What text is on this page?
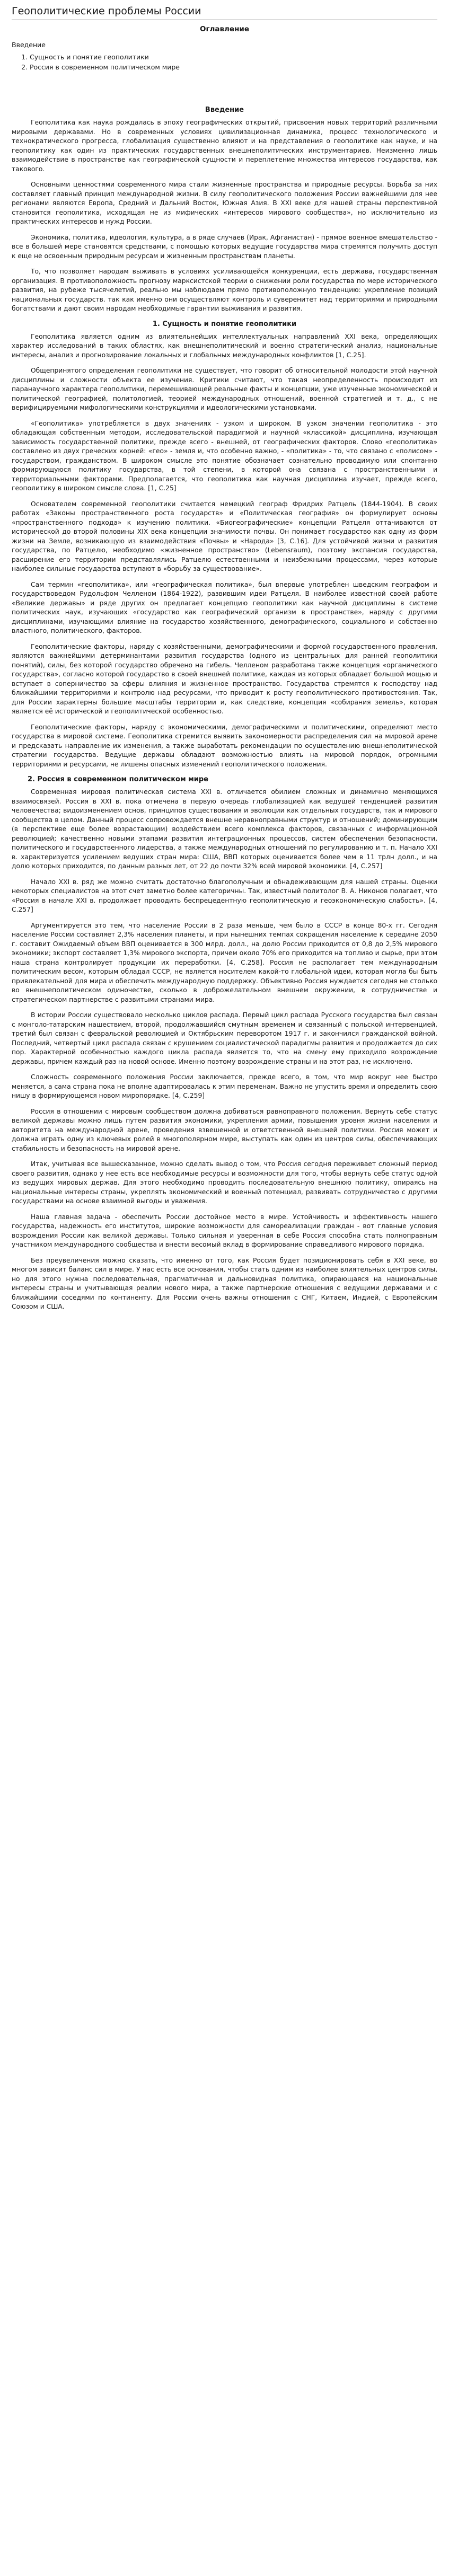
Геополитические проблемы России
Оглавление
Введение
1. Сущность и понятие геополитики
2. Россия в современном политическом мире
Введение

Геополитика как наука рождалась в эпоху географических открытий, присвоения новых территорий различными мировыми державами. Но в современных условиях цивилизационная динамика, процесс технологического и технократического прогресса, глобализация существенно влияют и на представления о геополитике как науке, и на геополитику как один из практических государственных внешнеполитических инструментариев. Неизменно лишь взаимодействие в пространстве как географической сущности и переплетение множества интересов государства, как такового.

Основными ценностями современного мира стали жизненные пространства и природные ресурсы. Борьба за них составляет главный принцип международной жизни. В силу геополитического положения России важнейшими для нее регионами являются Европа, Средний и Дальний Восток, Южная Азия. В XXI веке для нашей страны перспективной становится геополитика, исходящая не из мифических «интересов мирового сообщества», но исключительно из практических интересов и нужд России.

Экономика, политика, идеология, культура, а в ряде случаев (Ирак, Афганистан) - прямое военное вмешательство - все в большей мере становятся средствами, с помощью которых ведущие государства мира стремятся получить доступ к еще не освоенным природным ресурсам и жизненным пространствам планеты.

То, что позволяет народам выживать в условиях усиливающейся конкуренции, есть держава, государственная организация. В противоположность прогнозу марксистской теории о снижении роли государства по мере исторического развития, на рубеже тысячелетий, реально мы наблюдаем прямо противоположную тенденцию: укрепление позиций национальных государств. так как именно они осуществляют контроль и суверенитет над территориями и природными богатствами и дают своим народам необходимые гарантии выживания и развития.

1. Сущность и понятие геополитики

Геополитика является одним из влиятельнейших интеллектуальных направлений XXI века, определяющих характер исследований в таких областях, как внешнеполитический и военно стратегический анализ, национальные интересы, анализ и прогнозирование локальных и глобальных международных конфликтов [1, С.25].

Общепринятого определения геополитики не существует, что говорит об относительной молодости этой научной дисциплины и сложности объекта ее изучения. Критики считают, что такая неопределенность происходит из паранаучного характера геополитики, перемешивающей реальные факты и концепции, уже изученные экономической и политической географией, политологией, теорией международных отношений, военной стратегией и т. д., с не верифицируемыми мифологическими конструкциями и идеологическими установками.

«Геополитика» употребляется в двух значениях - узком и широком. В узком значении геополитика - это обладающая собственным методом, исследовательской парадигмой и научной «классикой» дисциплина, изучающая зависимость государственной политики, прежде всего - внешней, от географических факторов. Слово «геополитика» составлено из двух греческих корней: «гео» - земля и, что особенно важно, - «политика» - то, что связано с «полисом» - государством, гражданством. В широком смысле это понятие обозначает сознательно проводимую или спонтанно формирующуюся политику государства, в той степени, в которой она связана с пространственными и территориальными факторами. Предполагается, что геополитика как научная дисциплина изучает, прежде всего, геополитику в широком смысле слова. [1, С.25]

Основателем современной геополитики считается немецкий географ Фридрих Ратцель (1844-1904). В своих работах «Законы пространственного роста государств» и «Политическая география» он формулирует основы «пространственного подхода» к изучению политики. «Биогеографические» концепции Ратцеля оттачиваются от исторической до второй половины XIX века концепции значимости почвы. Он понимает государство как одну из форм жизни на Земле, возникающую из взаимодействия «Почвы» и «Народа» [3, С.16]. Для устойчивой жизни и развития государства, по Ратцелю, необходимо «жизненное пространство» (Lebensraum), поэтому экспансия государства, расширение его территории представлялись Ратцелю естественными и неизбежными процессами, через которые наиболее сильные государства вступают в «борьбу за существование».

Сам термин «геополитика», или «географическая политика», был впервые употреблен шведским географом и государствоведом Рудольфом Челленом (1864-1922), развившим идеи Ратцеля. В наиболее известной своей работе «Великие державы» и ряде других он предлагает концепцию геополитики как научной дисциплины в системе политических наук, изучающих «государство как географический организм в пространстве», наряду с другими дисциплинами, изучающими влияние на государство хозяйственного, демографического, социального и собственно властного, политического, факторов.

Геополитические факторы, наряду с хозяйственными, демографическими и формой государственного правления, являются важнейшими детерминантами развития государства (одного из центральных для ранней геополитики понятий), силы, без которой государство обречено на гибель. Челленом разработана также концепция «органического государства», согласно которой государство в своей внешней политике, каждая из которых обладает большой мощью и вступает в соперничество за сферы влияния и жизненное пространство. Государства стремятся к господству над ближайшими территориями и контролю над ресурсами, что приводит к росту геополитического противостояния. Так, для России характерны большие масштабы территории и, как следствие, концепция «собирания земель», которая является её исторической и геополитической особенностью.

Геополитические факторы, наряду с экономическими, демографическими и политическими, определяют место государства в мировой системе. Геополитика стремится выявить закономерности распределения сил на мировой арене и предсказать направление их изменения, а также выработать рекомендации по осуществлению внешнеполитической стратегии государства. Ведущие державы обладают возможностью влиять на мировой порядок, огромными территориями и ресурсами, не лишены опасных изменений геополитического положения.

2. Россия в современном политическом мире

Современная мировая политическая система XXI в. отличается обилием сложных и динамично меняющихся взаимосвязей. Россия в XXI в. пока отмечена в первую очередь глобализацией как ведущей тенденцией развития человечества; видоизменением основ, принципов существования и эволюции как отдельных государств, так и мирового сообщества в целом. Данный процесс сопровождается внешне неравноправными структур и отношений; доминирующим (в перспективе еще более возрастающим) воздействием всего комплекса факторов, связанных с информационной революцией; качественно новыми этапами развития интеграционных процессов, систем обеспечения безопасности, политического и государственного лидерства, а также международных отношений по регулированию и т. п. Начало XXI в. характеризуется усилением ведущих стран мира: США, ВВП которых оценивается более чем в 11 трлн долл., и на долю которых приходится, по данным разных лет, от 22 до почти 32% всей мировой экономики. [4, С.257]

Начало XXI в. ряд же можно считать достаточно благополучным и обнадеживающим для нашей страны. Оценки некоторых специалистов на этот счет заметно более категоричны. Так, известный политолог В. А. Никонов полагает, что «Россия в начале XXI в. продолжает проводить беспрецедентную геополитическую и геоэкономическую слабость». [4, С.257]

Аргументируется это тем, что население России в 2 раза меньше, чем было в СССР в конце 80-х гг. Сегодня население России составляет 2,3% населения планеты, и при нынешних темпах сокращения население к середине 2050 г. составит Ожидаемый объем ВВП оценивается в 300 млрд. долл., на долю России приходится от 0,8 до 2,5% мирового экономики; экспорт составляет 1,3% мирового экспорта, причем около 70% его приходится на топливо и сырье, при этом наша страна контролирует продукции их переработки. [4, С.258]. Россия не располагает тем международным политическим весом, которым обладал СССР, не является носителем какой-то глобальной идеи, которая могла бы быть привлекательной для мира и обеспечить международную поддержку. Объективно Россия нуждается сегодня не столько во внешнеполитическом одиночестве, сколько в доброжелательном внешнем окружении, в сотрудничестве и стратегическом партнерстве с развитыми странами мира.

В истории России существовало несколько циклов распада. Первый цикл распада Русского государства был связан с монголо-татарским нашествием, второй, продолжавшийся смутным временем и связанный с польской интервенцией, третий был связан с февральской революцией и Октябрьским переворотом 1917 г. и закончился гражданской войной. Последний, четвертый цикл распада связан с крушением социалистической парадигмы развития и продолжается до сих пор. Характерной особенностью каждого цикла распада является то, что на смену ему приходило возрождение державы, причем каждый раз на новой основе. Именно поэтому возрождение страны и на этот раз, не исключено.

Сложность современного положения России заключается, прежде всего, в том, что мир вокруг нее быстро меняется, а сама страна пока не вполне адаптировалась к этим переменам. Важно не упустить время и определить свою нишу в формирующемся новом миропорядке. [4, С.259]

Россия в отношении с мировым сообществом должна добиваться равноправного положения. Вернуть себе статус великой державы можно лишь путем развития экономики, укрепления армии, повышения уровня жизни населения и авторитета на международной арене, проведения взвешенной и ответственной внешней политики. Россия может и должна играть одну из ключевых ролей в многополярном мире, выступать как один из центров силы, обеспечивающих стабильность и безопасность на мировой арене.

Итак, учитывая все вышесказанное, можно сделать вывод о том, что Россия сегодня переживает сложный период своего развития, однако у нее есть все необходимые ресурсы и возможности для того, чтобы вернуть себе статус одной из ведущих мировых держав. Для этого необходимо проводить последовательную внешнюю политику, опираясь на национальные интересы страны, укреплять экономический и военный потенциал, развивать сотрудничество с другими государствами на основе взаимной выгоды и уважения.

Наша главная задача - обеспечить России достойное место в мире. Устойчивость и эффективность нашего государства, надежность его институтов, широкие возможности для самореализации граждан - вот главные условия возрождения России как великой державы. Только сильная и уверенная в себе Россия способна стать полноправным участником международного сообщества и внести весомый вклад в формирование справедливого мирового порядка.

Без преувеличения можно сказать, что именно от того, как Россия будет позиционировать себя в XXI веке, во многом зависит баланс сил в мире. У нас есть все основания, чтобы стать одним из наиболее влиятельных центров силы, но для этого нужна последовательная, прагматичная и дальновидная политика, опирающаяся на национальные интересы страны и учитывающая реалии нового мира, а также партнерские отношения с ведущими державами и с ближайшими соседями по континенту. Для России очень важны отношения с СНГ, Китаем, Индией, с Европейским Союзом и США.
